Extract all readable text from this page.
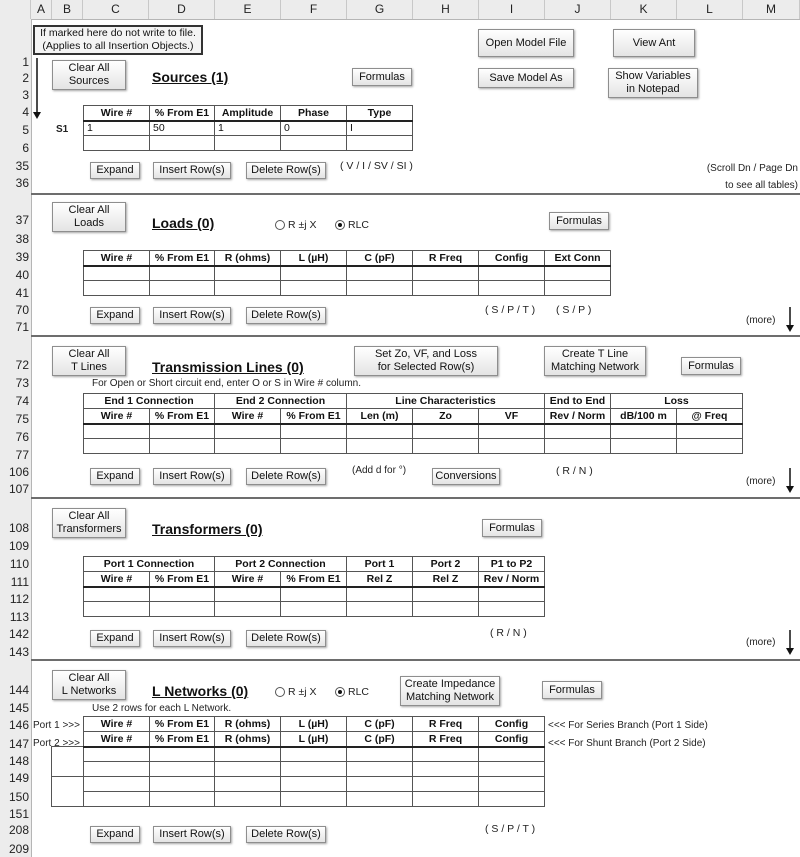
A	B	C	D	E	F	G	H	I	J	K	L	M
1
2
3
4
5
6
35
36
37
38
39
40
41
70
71
72
73
74
75
76
77
106
107
108
109
110
111
112
113
142
143
144
145
146
147
148
149
150
151
208
209
If marked here do not write to file.
(Applies to all Insertion Objects.)	Open Model File	View Ant
Save Model As	Show Variables
in Notepad
Clear All
Sources	Sources (1)	Formulas
S1
Wire #	% From E1	Amplitude	Phase	Type
1	50	1	0	I

Expand	Insert Row(s)	Delete Row(s)	( V / I / SV / SI )	(Scroll Dn / Page Dn
to see all tables)
Clear All
Loads	Loads (0)	R ±j X	RLC	Formulas
Wire #	% From E1	R (ohms)	L (µH)	C (pF)	R Freq	Config	Ext Conn

( S / P / T ) ( S / P )
Expand	Insert Row(s)	Delete Row(s)	(more)
Clear All
T Lines	Transmission Lines (0)
Set Zo, VF, and Loss
for Selected Row(s)
Create T Line
Matching Network	Formulas
For Open or Short circuit end, enter O or S in Wire # column.
End 1 Connection		End 2 Connection		Line Characteristics			End to End	Loss	
Wire #	% From E1	Wire #	% From E1	Len (m)	Zo	VF	Rev / Norm	dB/100 m	@ Freq

Expand	Insert Row(s)	Delete Row(s)	(Add d for °)	Conversions	( R / N )
(more)
Clear All
Transformers	Transformers (0)	Formulas
Port 1 Connection		Port 2 Connection		Port 1	Port 2	P1 to P2
Wire #	% From E1	Wire #	% From E1	Rel Z	Rel Z	Rev / Norm

Expand	Insert Row(s)	Delete Row(s)	( R / N )
(more)
Clear All
L Networks	L Networks (0)	R ±j X	RLC
Create Impedance
Matching Network
Formulas
Use 2 rows for each L Network.
Port 1 >>>
Port 2 >>>
	Wire #	% From E1	R (ohms)	L (µH)	C (pF)	R Freq	Config
	Wire #	% From E1	R (ohms)	L (µH)	C (pF)	R Freq	Config

<<< For Series Branch (Port 1 Side)
<<< For Shunt Branch (Port 2 Side)
Expand	Insert Row(s)	Delete Row(s)	( S / P / T )
